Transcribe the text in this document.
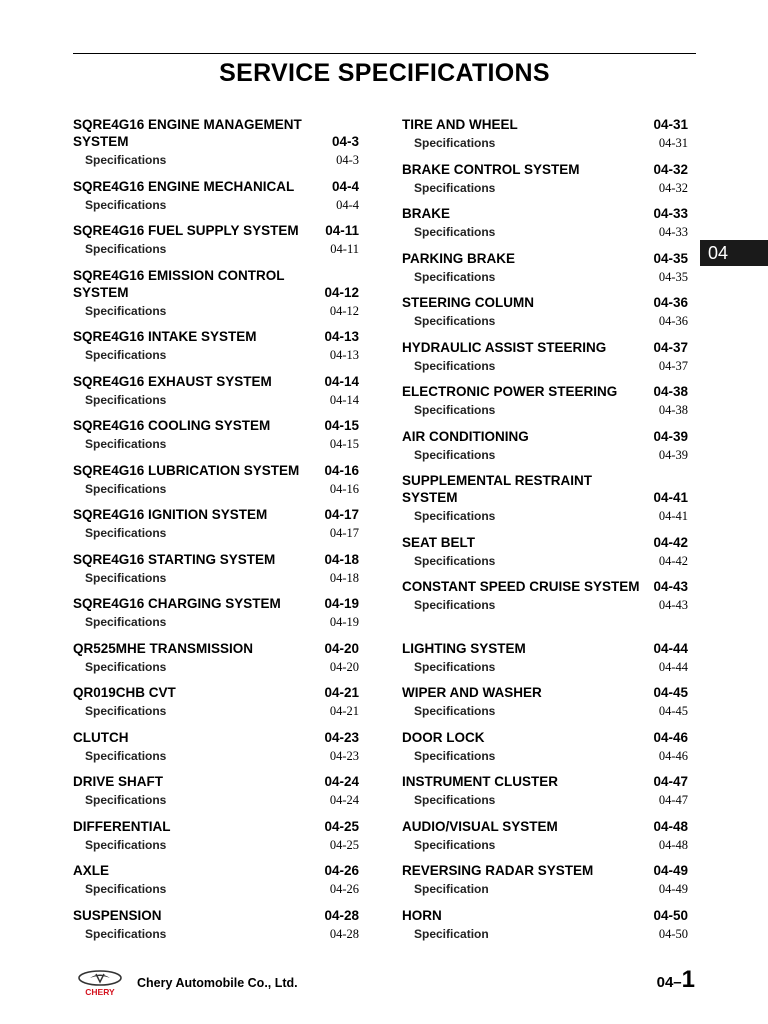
SERVICE SPECIFICATIONS
SQRE4G16 ENGINE MANAGEMENT SYSTEM	04-3
Specifications	04-3
SQRE4G16 ENGINE MECHANICAL	04-4
Specifications	04-4
SQRE4G16 FUEL SUPPLY SYSTEM	04-11
Specifications	04-11
SQRE4G16 EMISSION CONTROL SYSTEM	04-12
Specifications	04-12
SQRE4G16 INTAKE SYSTEM	04-13
Specifications	04-13
SQRE4G16 EXHAUST SYSTEM	04-14
Specifications	04-14
SQRE4G16 COOLING SYSTEM	04-15
Specifications	04-15
SQRE4G16 LUBRICATION SYSTEM	04-16
Specifications	04-16
SQRE4G16 IGNITION SYSTEM	04-17
Specifications	04-17
SQRE4G16 STARTING SYSTEM	04-18
Specifications	04-18
SQRE4G16 CHARGING SYSTEM	04-19
Specifications	04-19
QR525MHE TRANSMISSION	04-20
Specifications	04-20
QR019CHB CVT	04-21
Specifications	04-21
CLUTCH	04-23
Specifications	04-23
DRIVE SHAFT	04-24
Specifications	04-24
DIFFERENTIAL	04-25
Specifications	04-25
AXLE	04-26
Specifications	04-26
SUSPENSION	04-28
Specifications	04-28
TIRE AND WHEEL	04-31
Specifications	04-31
BRAKE CONTROL SYSTEM	04-32
Specifications	04-32
BRAKE	04-33
Specifications	04-33
PARKING BRAKE	04-35
Specifications	04-35
STEERING COLUMN	04-36
Specifications	04-36
HYDRAULIC ASSIST STEERING	04-37
Specifications	04-37
ELECTRONIC POWER STEERING	04-38
Specifications	04-38
AIR CONDITIONING	04-39
Specifications	04-39
SUPPLEMENTAL RESTRAINT SYSTEM	04-41
Specifications	04-41
SEAT BELT	04-42
Specifications	04-42
CONSTANT SPEED CRUISE SYSTEM	04-43
Specifications	04-43
LIGHTING SYSTEM	04-44
Specifications	04-44
WIPER AND WASHER	04-45
Specifications	04-45
DOOR LOCK	04-46
Specifications	04-46
INSTRUMENT CLUSTER	04-47
Specifications	04-47
AUDIO/VISUAL SYSTEM	04-48
Specifications	04-48
REVERSING RADAR SYSTEM	04-49
Specification	04-49
HORN	04-50
Specification	04-50
04
CHERY
Chery Automobile Co., Ltd.	04–1
